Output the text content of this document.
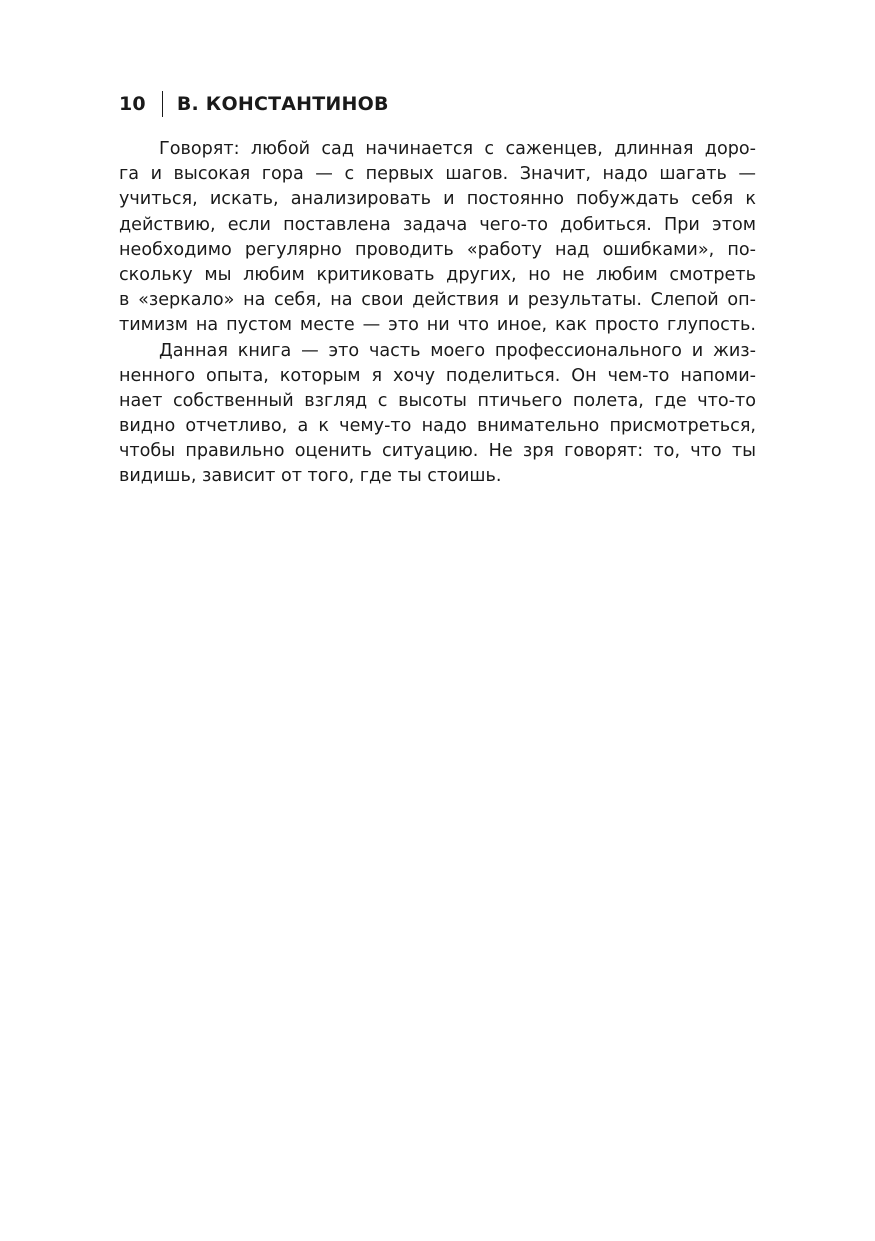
10 В. КОНСТАНТИНОВ

Говорят: любой сад начинается с саженцев, длинная доро-
га и высокая гора — с первых шагов. Значит, надо шагать —
учиться, искать, анализировать и постоянно побуждать себя к
действию, если поставлена задача чего-то добиться. При этом
необходимо регулярно проводить «работу над ошибками», по-
скольку мы любим критиковать других, но не любим смотреть
в «зеркало» на себя, на свои действия и результаты. Слепой оп-
тимизм на пустом месте — это ни что иное, как просто глупость.

Данная книга — это часть моего профессионального и жиз-
ненного опыта, которым я хочу поделиться. Он чем-то напоми-
нает собственный взгляд с высоты птичьего полета, где что-то
видно отчетливо, а к чему-то надо внимательно присмотреться,
чтобы правильно оценить ситуацию. Не зря говорят: то, что ты
видишь, зависит от того, где ты стоишь.
